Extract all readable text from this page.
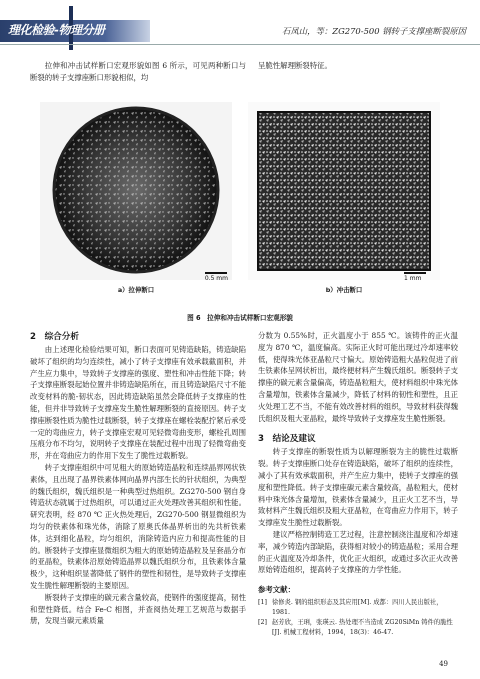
理化检验-物理分册	石凤山，等：ZG270-500 钢转子支撑座断裂原因

拉伸和冲击试样断口宏观形貌如图 6 所示，可见两种断口与断裂的转子支撑座断口形貌相似，均

呈脆性解理断裂特征。

0.5 mm
a）拉伸断口
1 mm
b）冲击断口
图 6　拉伸和冲击试样断口宏观形貌
2　综合分析

由上述理化检验结果可知，断口表面可见铸造缺陷，铸造缺陷破坏了组织的均匀连续性，减小了转子支撑座有效承载截面积，并产生应力集中，导致转子支撑座的强度、塑性和冲击性能下降；转子支撑座断裂起始位置并非铸造缺陷所在，而且铸造缺陷尺寸不能改变材料的脆-韧状态，因此铸造缺陷虽然会降低转子支撑座的性能，但并非导致转子支撑座发生脆性解理断裂的直接原因。转子支撑座断裂性质为脆性过载断裂，转子支撑座在螺栓装配拧紧后承受一定的弯曲应力，转子支撑座宏观可见轻微弯曲变形，螺栓孔周围压痕分布不均匀，说明转子支撑座在装配过程中出现了轻微弯曲变形，并在弯曲应力的作用下发生了脆性过载断裂。

转子支撑座组织中可见粗大的原始铸造晶粒和连续晶界网状铁素体，且出现了晶界铁素体网向晶界内部生长的针状组织，为典型的魏氏组织，魏氏组织是一种典型过热组织。ZG270-500 钢自身铸造状态就属于过热组织，可以通过正火处理改善其组织和性能。研究表明，经 870 ℃ 正火热处理后，ZG270-500 钢显微组织为均匀的铁素体和珠光体，消除了原奥氏体晶界析出的先共析铁素体，达到细化晶粒，均匀组织，消除铸造内应力和提高性能的目的。断裂转子支撑座显微组织为粗大的原始铸造晶粒及呈套晶分布的亚晶粒，铁素体沿原始铸造晶界以魏氏组织分布，且铁素体含量极少，这种组织显著降低了钢件的塑性和韧性，是导致转子支撑座发生脆性解理断裂的主要原因。

断裂转子支撑座的碳元素含量较高，使钢件的强度提高，韧性和塑性降低。结合 Fe-C 相图，并查阅热处理工艺规范与数据手册，发现当碳元素质量

分数为 0.55%时，正火温度小于 855 ℃。该铸件的正火温度为 870 ℃，温度偏高。实际正火时可能出现过冷却速率较低，使得珠光体亚晶粒尺寸偏大。原始铸造粗大晶粒促进了前生铁素体呈网状析出，最终便材料产生魏氏组织。断裂转子支撑座的碳元素含量偏高，铸造晶粒粗大，使材料组织中珠光体含量增加，铁素体含量减少，降低了材料的韧性和塑性，且正火处理工艺不当，不能有效改善材料的组织，导致材料获得魏氏组织及粗大亚晶粒，最终导致转子支撑座发生脆性断裂。

3　结论及建议

转子支撑座的断裂性质为以解理断裂为主的脆性过载断裂。转子支撑座断口处存在铸造缺陷，破坏了组织的连续性，减小了其有效承载面积，并产生应力集中，使转子支撑座的强度和塑性降低。转子支撑座碳元素含量较高，晶粒粗大，使材料中珠光体含量增加，铁素体含量减少，且正火工艺不当，导致材料产生魏氏组织及粗大亚晶粒，在弯曲应力作用下，转子支撑座发生脆性过载断裂。

建议严格控制铸造工艺过程，注意控制浇注温度和冷却速率，减少铸造内部缺陷，获得相对较小的铸造晶粒；采用合理的正火温度及冷却条件，优化正火组织，或通过多次正火改善原始铸造组织，提高转子支撑座的力学性能。

参考文献：
[1] 徐修炎. 钢的组织形态及其应用[M]. 成都：四川人民出版社，1981.
[2] 赵芳欣，王琍，张瑛云. 热处理不当造成 ZG20SiMn 铸件的脆性[J]. 机械工程材料，1994，18(3)：46-47.
49
